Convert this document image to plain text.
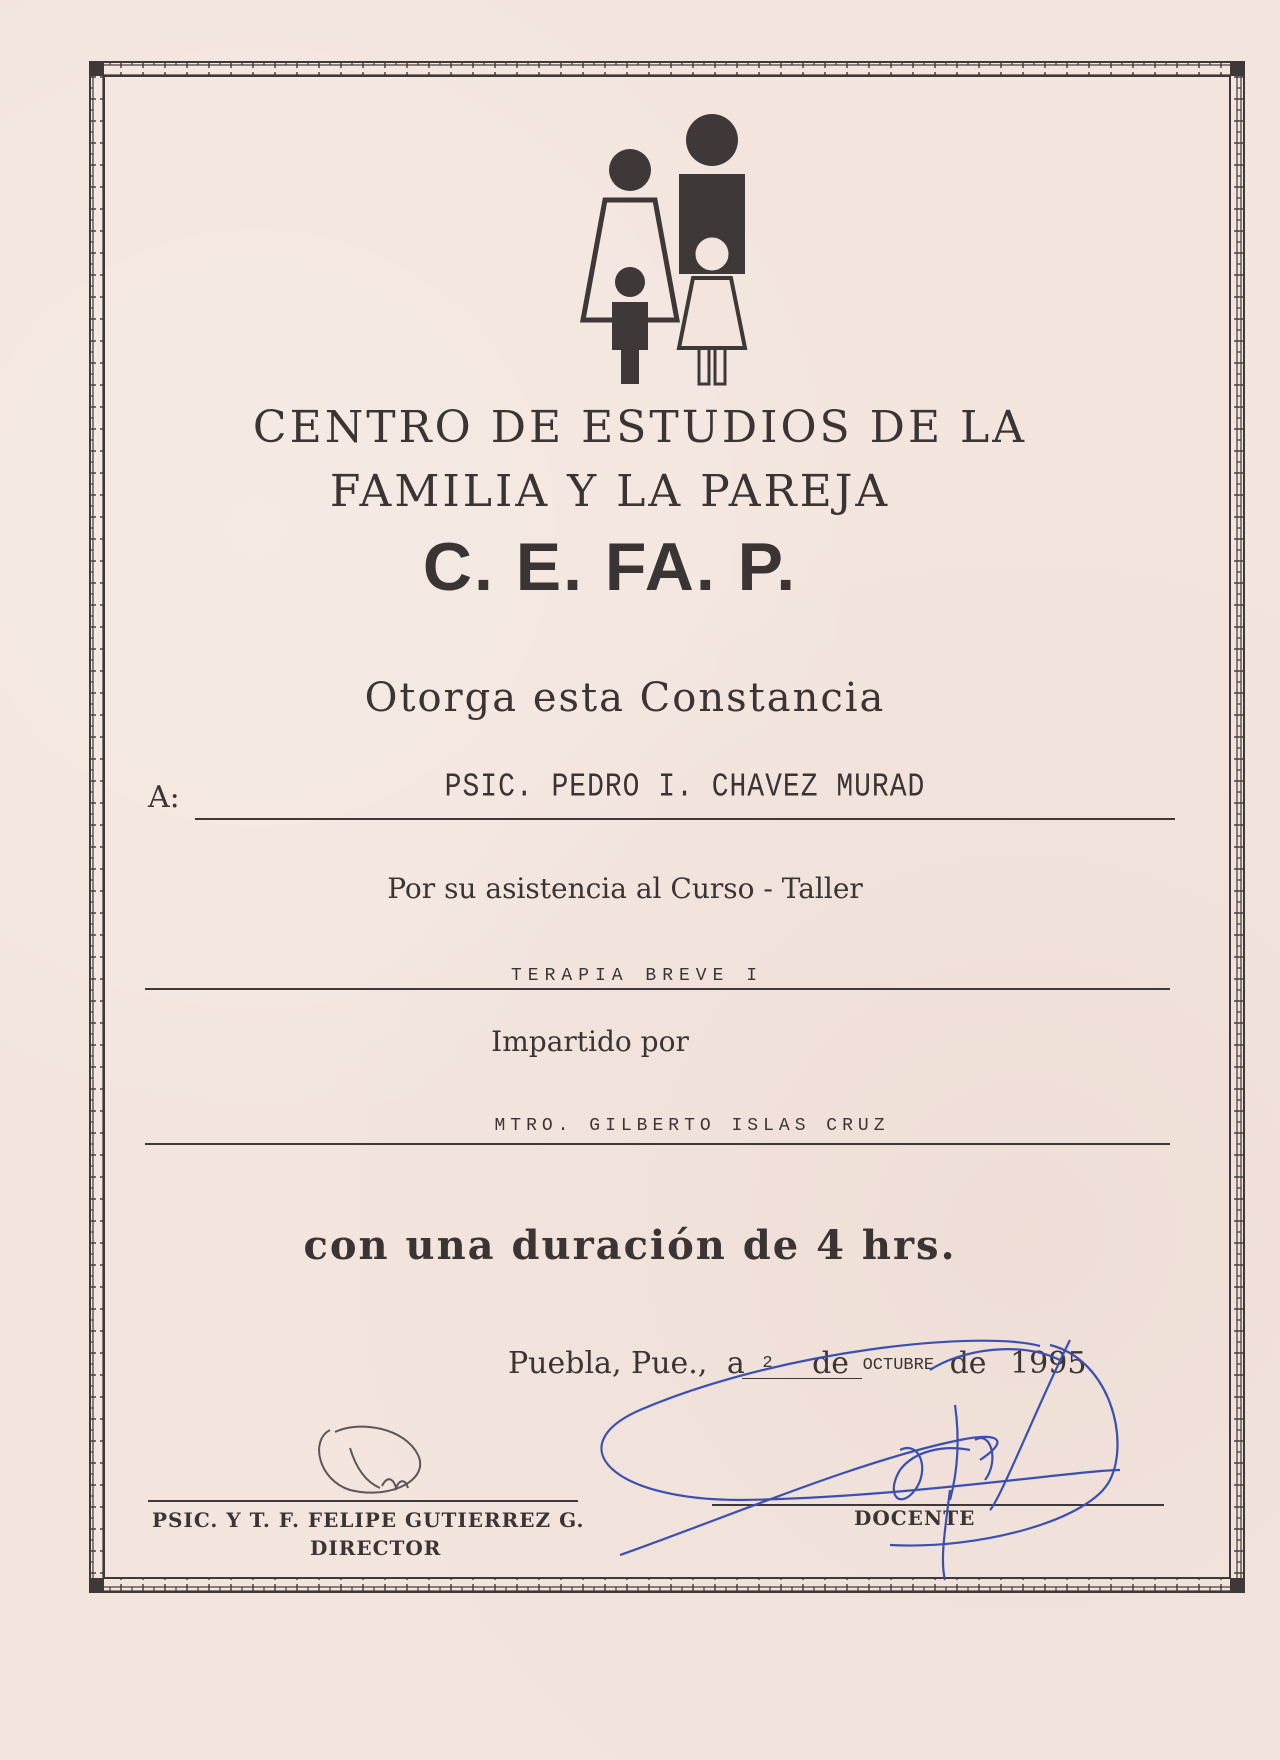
CENTRO DE ESTUDIOS DE LA
FAMILIA Y LA PAREJA
C. E. FA. P.
Otorga esta Constancia
A:	PSIC. PEDRO I. CHAVEZ MURAD
Por su asistencia al Curso - Taller
TERAPIA BREVE I
Impartido por
MTRO. GILBERTO ISLAS CRUZ
con una duración de 4 hrs.
Puebla, Pue., a $^2$ de OCTUBRE de 1995
PSIC. Y T. F. FELIPE GUTIERREZ G.
DIRECTOR
DOCENTE
